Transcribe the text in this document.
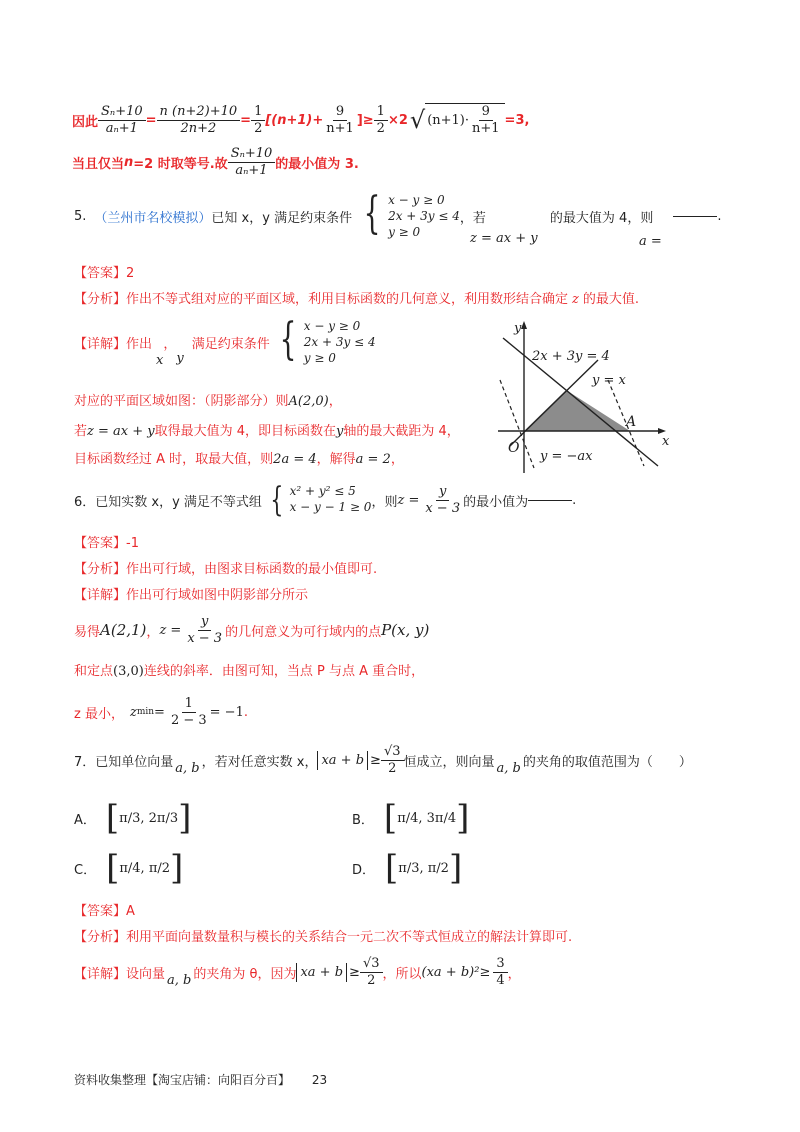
因此 $\frac{\text{Sₙ+10}}{\text{aₙ+1}} = \frac{n (n+2)+10}{2n+2} = \frac{1}{2} [(n+1)+ \frac{9}{n+1}$ ]≥ $\frac{1}{2} \times 2$ √ $(n+1)\cdot \frac{9}{n+1} =3$,
当且仅当 n =2 时取等号.故 $\frac{\text{Sₙ+10}}{\text{aₙ+1}}$ 的最小值为 3.
5. （兰州市名校模拟） 已知 x，y 满足约束条件 { x − y ≥ 0
2x + 3y ≤ 4
y ≥ 0
，若	的最大值为 4，则	.
z = ax + y	a =
【答案】2
【分析】作出不等式组对应的平面区域，利用目标函数的几何意义，利用数形结合确定 z 的最大值.
【详解】 作出
x
，
y
满足约束条件 { x − y ≥ 0
2x + 3y ≤ 4
y ≥ 0
对应的平面区域如图：（阴影部分）则A(2,0)，
若z = ax + y取得最大值为 4，即目标函数在y轴的最大截距为 4，
目标函数经过 A 时，取最大值，则2a = 4，解得a = 2，
y
x
O
A
2x + 3y = 4
y = x
y = −ax
6． 已知实数 x，y 满足不等式组 { x² + y² ≤ 5
x − y − 1 ≥ 0 ，则 $z = \frac{y}{x - 3}$ 的最小值为	.
【答案】-1
【分析】作出可行域，由图求目标函数的最小值即可.
【详解】作出可行域如图中阴影部分所示
易得 A(2,1) ， $z = \frac{y}{x - 3}$ 的几何意义为可行域内的点 P(x, y)
和定点(3,0)连线的斜率．由图可知，当点 P 与点 A 重合时，
z 最小， z $\min = \frac{1}{2 - 3} = -1$ .
7． 已知单位向量 a, b ，若对任意实数 x， xa + $b \ge \frac{√3}{2}$ 恒成立，则向量 a, b 的夹角的取值范围为（　　）
A． [ π/3 , 2π/3 ]	B． [ π/4 , 3π/4 ]
C． [ π/4 , π/2 ]	D． [ π/3 , π/2 ]
【答案】A
【分析】利用平面向量数量积与模长的关系结合一元二次不等式恒成立的解法计算即可.
【详解】 设向量 a, b 的夹角为 θ，因为 xa + $b \ge \frac{√3}{2}$ ，所以 $(xa + b)^2 \ge \frac{3}{4}$ ，
资料收集整理【淘宝店铺：向阳百分百】 23
